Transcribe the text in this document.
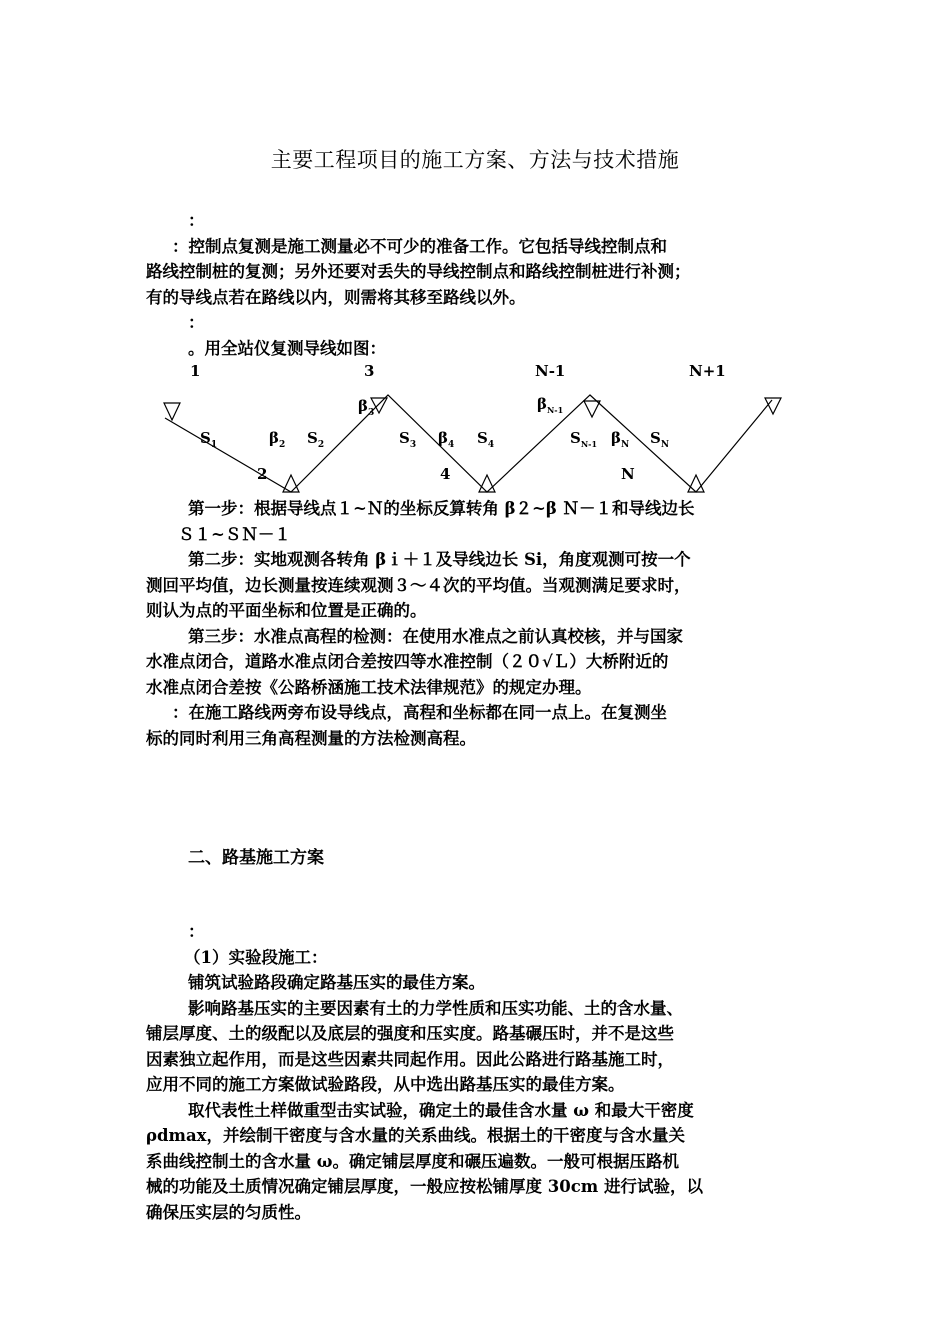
主要工程项目的施工方案、方法与技术措施
：
：控制点复测是施工测量必不可少的准备工作。它包括导线控制点和
路线控制桩的复测；另外还要对丢失的导线控制点和路线控制桩进行补测；
有的导线点若在路线以内，则需将其移至路线以外。
：
。用全站仪复测导线如图：
1	3	N-1	N+1
$\beta_3$	$\beta_{N-1}$
$S_1$	$\beta_2$ $S_2$	$S_3$ $\beta_4$ $S_4$	$S_{N-1}$ $\beta_N$ $S_N$
2	4	N
第一步：根据导线点１~Ｎ的坐标反算转角 β２~β Ｎ－１和导线边长
Ｓ１~ＳＮ－１
第二步：实地观测各转角 βｉ＋１及导线边长 Si，角度观测可按一个
测回平均值，边长测量按连续观测３～４次的平均值。当观测满足要求时，
则认为点的平面坐标和位置是正确的。
第三步：水准点高程的检测：在使用水准点之前认真校核，并与国家
水准点闭合，道路水准点闭合差按四等水准控制（２０√Ｌ）大桥附近的
水准点闭合差按《公路桥涵施工技术法律规范》的规定办理。
：在施工路线两旁布设导线点，高程和坐标都在同一点上。在复测坐
标的同时利用三角高程测量的方法检测高程。
二、路基施工方案
：
（1）实验段施工：
铺筑试验路段确定路基压实的最佳方案。
影响路基压实的主要因素有土的力学性质和压实功能、土的含水量、
铺层厚度、土的级配以及底层的强度和压实度。路基碾压时，并不是这些
因素独立起作用，而是这些因素共同起作用。因此公路进行路基施工时，
应用不同的施工方案做试验路段，从中选出路基压实的最佳方案。
取代表性土样做重型击实试验，确定土的最佳含水量 ω 和最大干密度
ρdmax，并绘制干密度与含水量的关系曲线。根据土的干密度与含水量关
系曲线控制土的含水量 ω。确定铺层厚度和碾压遍数。一般可根据压路机
械的功能及土质情况确定铺层厚度，一般应按松铺厚度 30cm 进行试验，以
确保压实层的匀质性。
